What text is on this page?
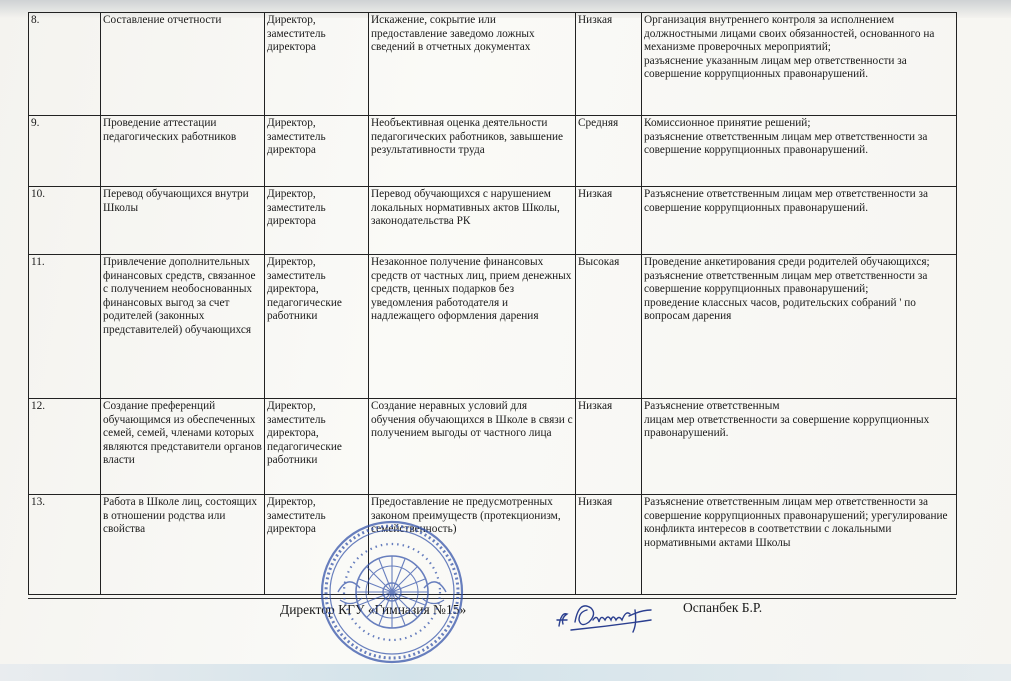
8.	Составление отчетности	Директор, заместитель директора	Искажение, сокрытие или предоставление заведомо ложных сведений в отчетных документах	Низкая	Организация внутреннего контроля за исполнением должностными лицами своих обязанностей, основанного на механизме проверочных мероприятий;
разъяснение указанным лицам мер ответственности за совершение коррупционных правонарушений.
9.	Проведение аттестации педагогических работников	Директор, заместитель директора	Необъективная оценка деятельности педагогических работников, завышение результативности труда	Средняя	Комиссионное принятие решений;
разъяснение ответственным лицам мер ответственности за совершение коррупционных правонарушений.
10.	Перевод обучающихся внутри Школы	Директор, заместитель директора	Перевод обучающихся с нарушением локальных нормативных актов Школы, законодательства РК	Низкая	Разъяснение ответственным лицам мер ответственности за совершение коррупционных правонарушений.
11.	Привлечение дополнительных финансовых средств, связанное с получением необоснованных финансовых выгод за счет родителей (законных представителей) обучающихся	Директор, заместитель директора, педагогические работники	Незаконное получение финансовых средств от частных лиц, прием денежных средств, ценных подарков без уведомления работодателя и надлежащего оформления дарения	Высокая	Проведение анкетирования среди родителей обучающихся; разъяснение ответственным лицам мер ответственности за совершение коррупционных правонарушений;
проведение классных часов, родительских собраний ' по вопросам дарения
12.	Создание преференций обучающимся из обеспеченных семей, семей, членами которых являются представители органов власти	Директор, заместитель директора, педагогические работники	Создание неравных условий для обучения обучающихся в Школе в связи с получением выгоды от частного лица	Низкая	Разъяснение ответственным
лицам мер ответственности за совершение коррупционных правонарушений.
13.	Работа в Школе лиц, состоящих в отношении родства или свойства	Директор, заместитель директора	Предоставление не предусмотренных законом преимуществ (протекционизм, семейственность)	Низкая	Разъяснение ответственным лицам мер ответственности за совершение коррупционных правонарушений; урегулирование конфликта интересов в соответствии с локальными нормативными актами Школы
Директор КГУ «Гимназия №15»	Оспанбек Б.Р.
